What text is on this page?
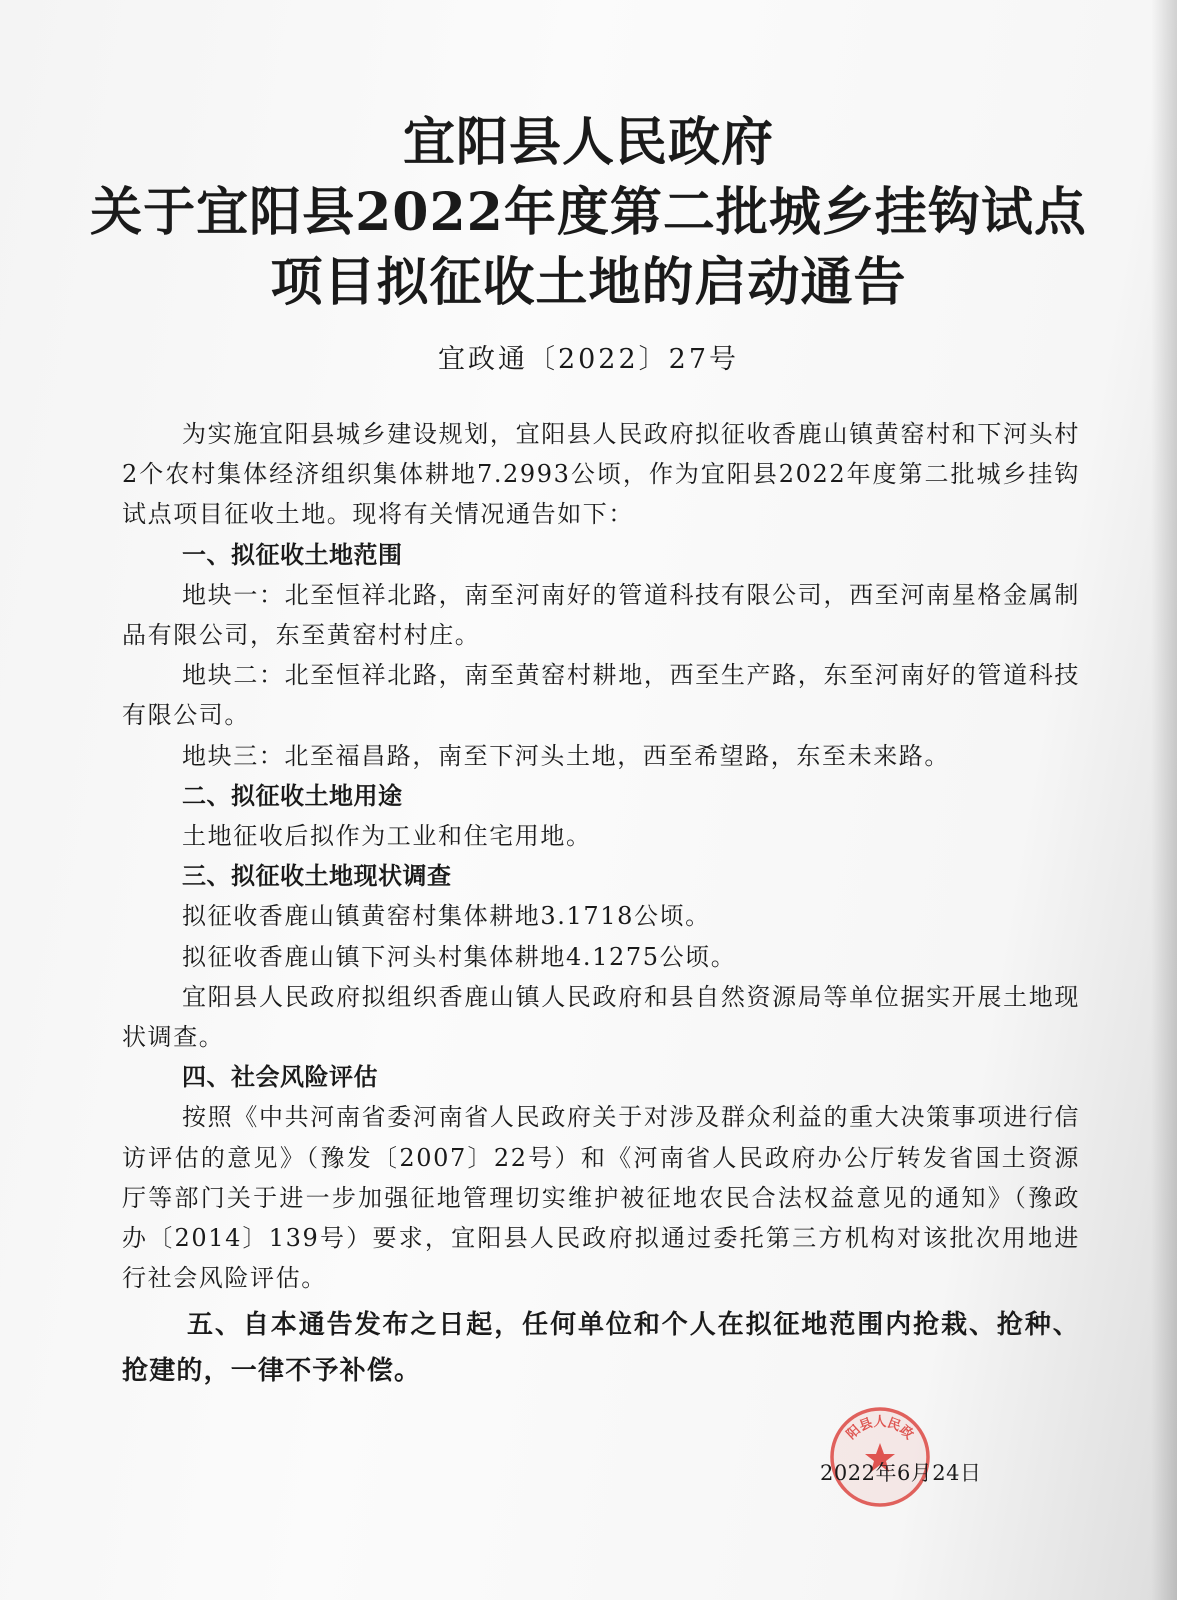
宜阳县人民政府
关于宜阳县2022年度第二批城乡挂钩试点
项目拟征收土地的启动通告
宜政通〔2022〕27号

为实施宜阳县城乡建设规划，宜阳县人民政府拟征收香鹿山镇黄窑村和下河头村2个农村集体经济组织集体耕地7.2993公顷，作为宜阳县2022年度第二批城乡挂钩试点项目征收土地。现将有关情况通告如下：

一、拟征收土地范围

地块一：北至恒祥北路，南至河南好的管道科技有限公司，西至河南星格金属制品有限公司，东至黄窑村村庄。

地块二：北至恒祥北路，南至黄窑村耕地，西至生产路，东至河南好的管道科技有限公司。

地块三：北至福昌路，南至下河头土地，西至希望路，东至未来路。

二、拟征收土地用途

土地征收后拟作为工业和住宅用地。

三、拟征收土地现状调查

拟征收香鹿山镇黄窑村集体耕地3.1718公顷。

拟征收香鹿山镇下河头村集体耕地4.1275公顷。

宜阳县人民政府拟组织香鹿山镇人民政府和县自然资源局等单位据实开展土地现状调查。

四、社会风险评估

按照《中共河南省委河南省人民政府关于对涉及群众利益的重大决策事项进行信访评估的意见》（豫发〔2007〕22号）和《河南省人民政府办公厅转发省国土资源厅等部门关于进一步加强征地管理切实维护被征地农民合法权益意见的通知》（豫政办〔2014〕139号）要求，宜阳县人民政府拟通过委托第三方机构对该批次用地进行社会风险评估。

五、自本通告发布之日起，任何单位和个人在拟征地范围内抢栽、抢种、抢建的，一律不予补偿。

阳县人民政
2022年6月24日
